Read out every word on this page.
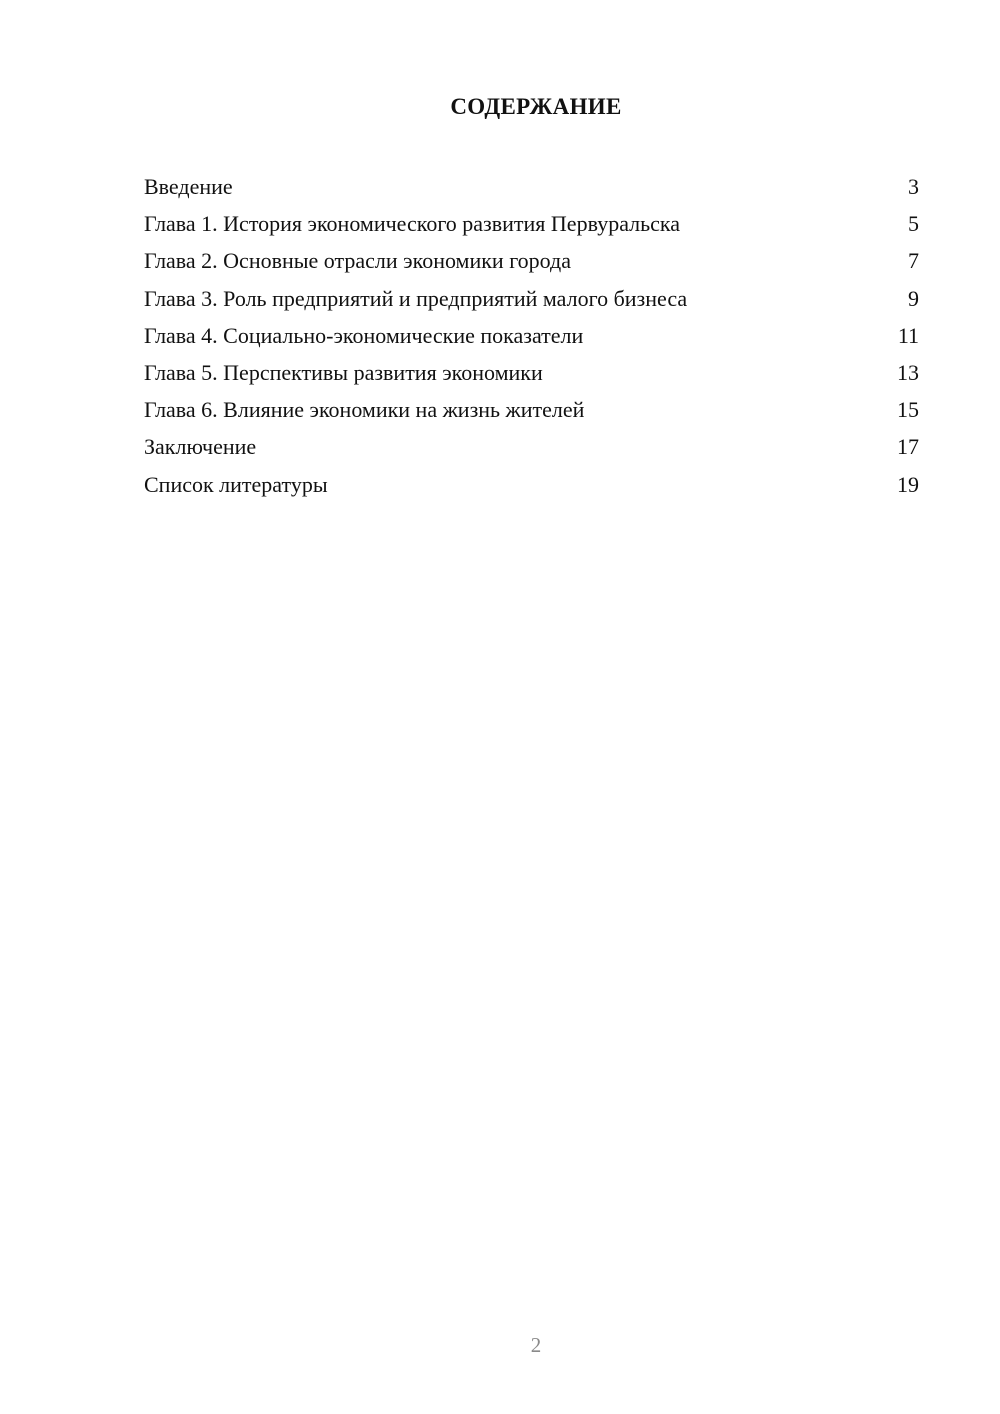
СОДЕРЖАНИЕ
Введение	3
Глава 1. История экономического развития Первуральска	5
Глава 2. Основные отрасли экономики города	7
Глава 3. Роль предприятий и предприятий малого бизнеса	9
Глава 4. Социально-экономические показатели	11
Глава 5. Перспективы развития экономики	13
Глава 6. Влияние экономики на жизнь жителей	15
Заключение	17
Список литературы	19
2
